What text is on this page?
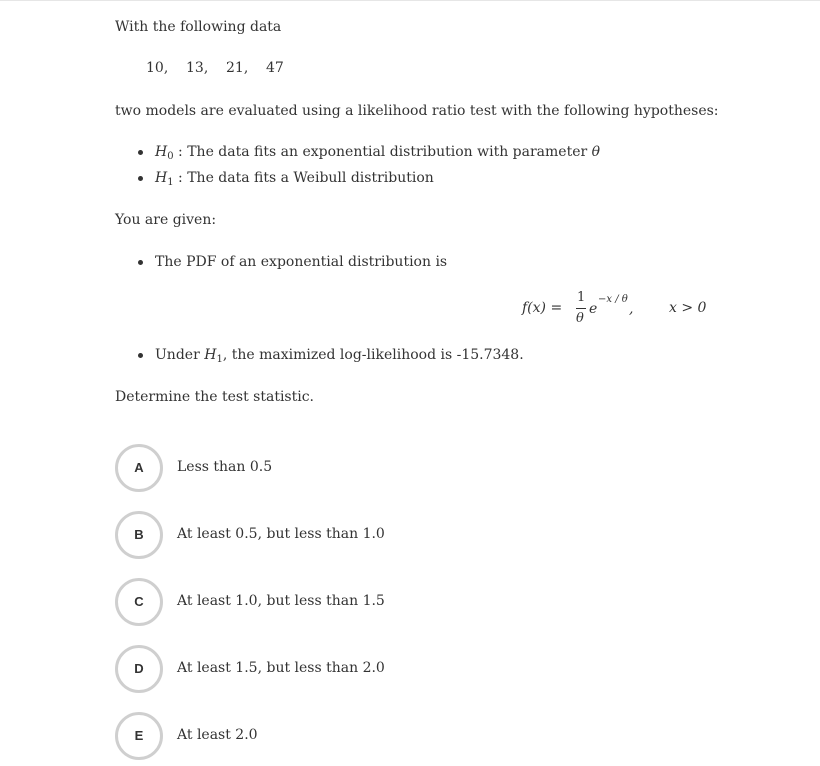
With the following data
10, 13, 21, 47
two models are evaluated using a likelihood ratio test with the following hypotheses:
$H_0$ : The data fits an exponential distribution with parameter θ
$H_1$ : The data fits a Weibull distribution
You are given:
The PDF of an exponential distribution is
f(x) =
1
θ
e
−x / θ
,	x > 0
Under $H_1$, the maximized log-likelihood is -15.7348.
Determine the test statistic.
A	Less than 0.5
B	At least 0.5, but less than 1.0
C	At least 1.0, but less than 1.5
D	At least 1.5, but less than 2.0
E	At least 2.0
